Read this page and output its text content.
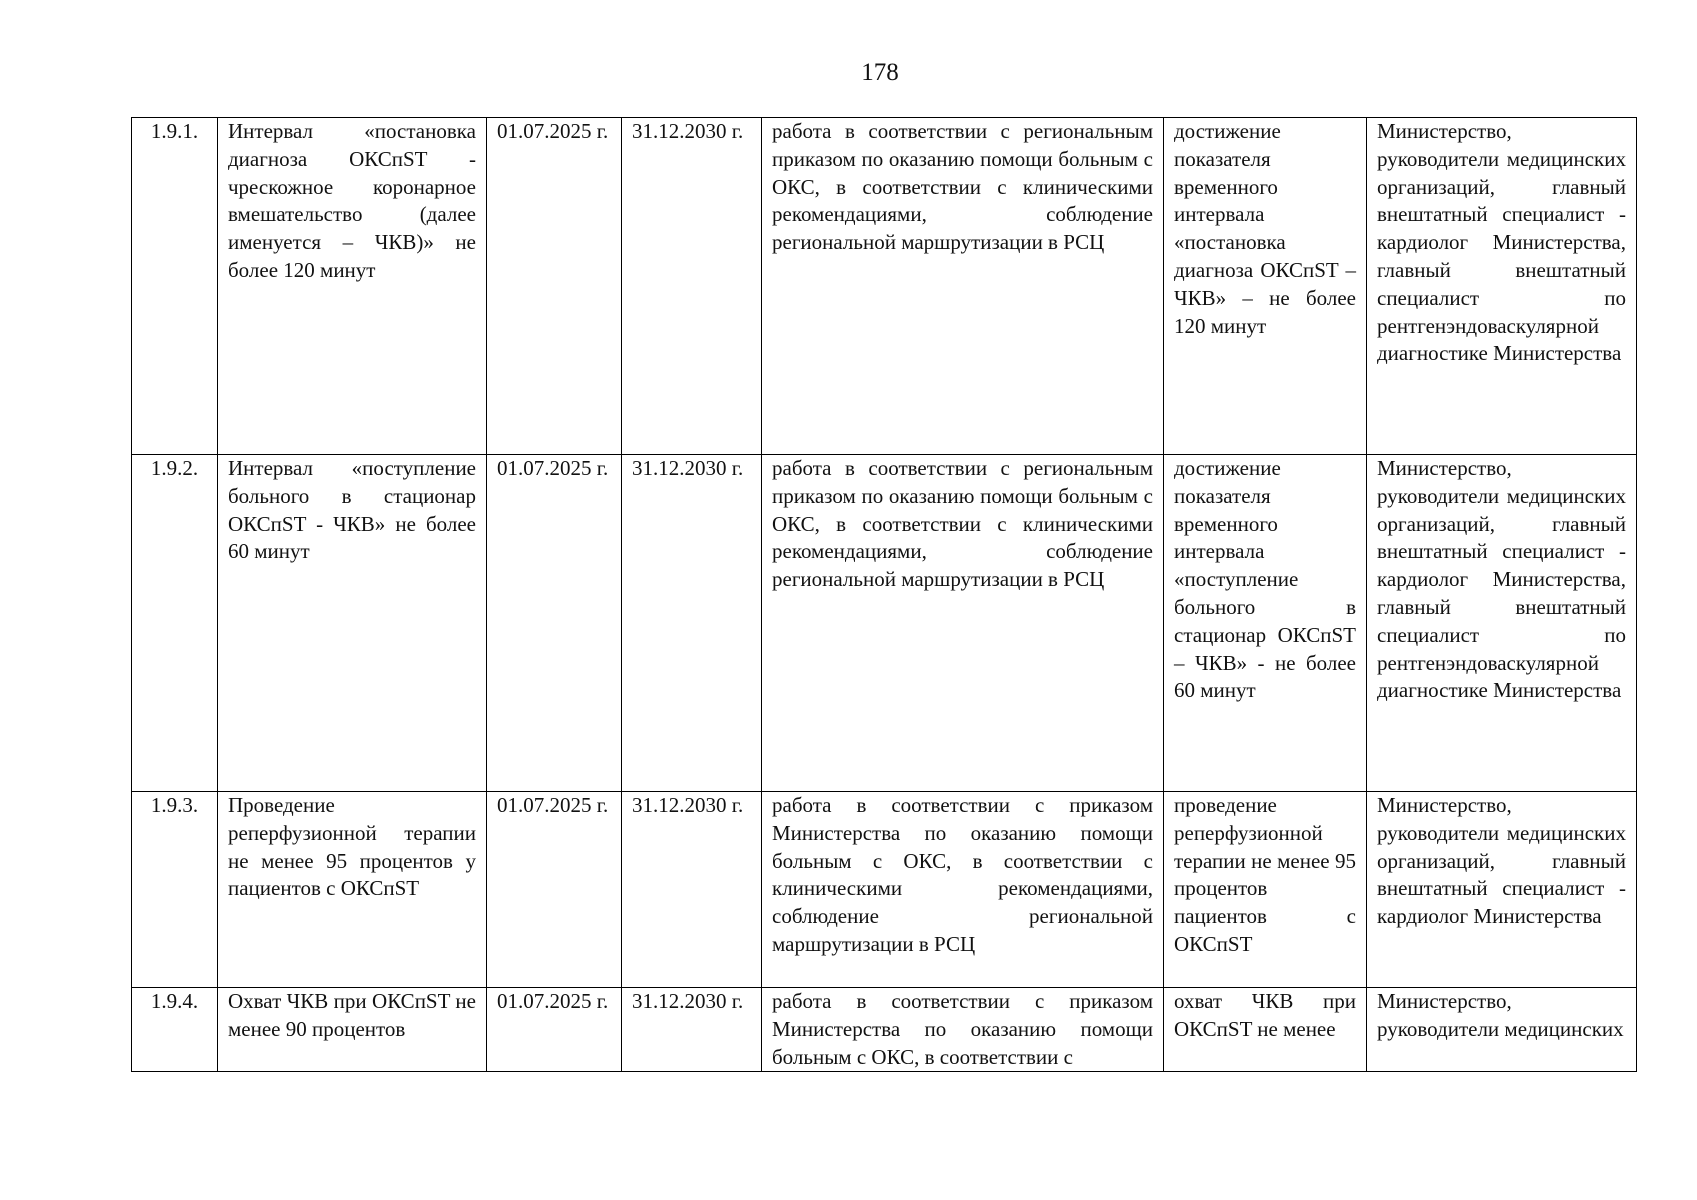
178
1.9.1.	Интервал «постановка диагноза ОКСпST - чрескожное коронарное вмешательство (далее именуется – ЧКВ)» не более 120 минут	01.07.2025 г.	31.12.2030 г.	работа в соответствии с региональным приказом по оказанию помощи больным с ОКС, в соответствии с клиническими рекомендациями, соблюдение региональной маршрутизации в РСЦ	достижение показателя временного интервала «постановка диагноза ОКСпST – ЧКВ» – не более 120 минут	Министерство, руководители медицинских организаций, главный внештатный специалист - кардиолог Министерства, главный внештатный специалист по рентгенэндоваскулярной диагностике Министерства
1.9.2.	Интервал «поступление больного в стационар ОКСпST - ЧКВ» не более 60 минут	01.07.2025 г.	31.12.2030 г.	работа в соответствии с региональным приказом по оказанию помощи больным с ОКС, в соответствии с клиническими рекомендациями, соблюдение региональной маршрутизации в РСЦ	достижение показателя временного интервала «поступление больного в стационар ОКСпST – ЧКВ» - не более 60 минут	Министерство, руководители медицинских организаций, главный внештатный специалист - кардиолог Министерства, главный внештатный специалист по рентгенэндоваскулярной диагностике Министерства
1.9.3.	Проведение реперфузионной терапии не менее 95 процентов у пациентов с ОКСпST	01.07.2025 г.	31.12.2030 г.	работа в соответствии с приказом Министерства по оказанию помощи больным с ОКС, в соответствии с клиническими рекомендациями, соблюдение региональной маршрутизации в РСЦ	проведение реперфузионной терапии не менее 95 процентов пациентов с ОКСпST	Министерство, руководители медицинских организаций, главный внештатный специалист - кардиолог Министерства
1.9.4.	Охват ЧКВ при ОКСпST не менее 90 процентов	01.07.2025 г.	31.12.2030 г.	работа в соответствии с приказом Министерства по оказанию помощи больным с ОКС, в соответствии с	охват ЧКВ при ОКСпST не менее	Министерство, руководители медицинских
